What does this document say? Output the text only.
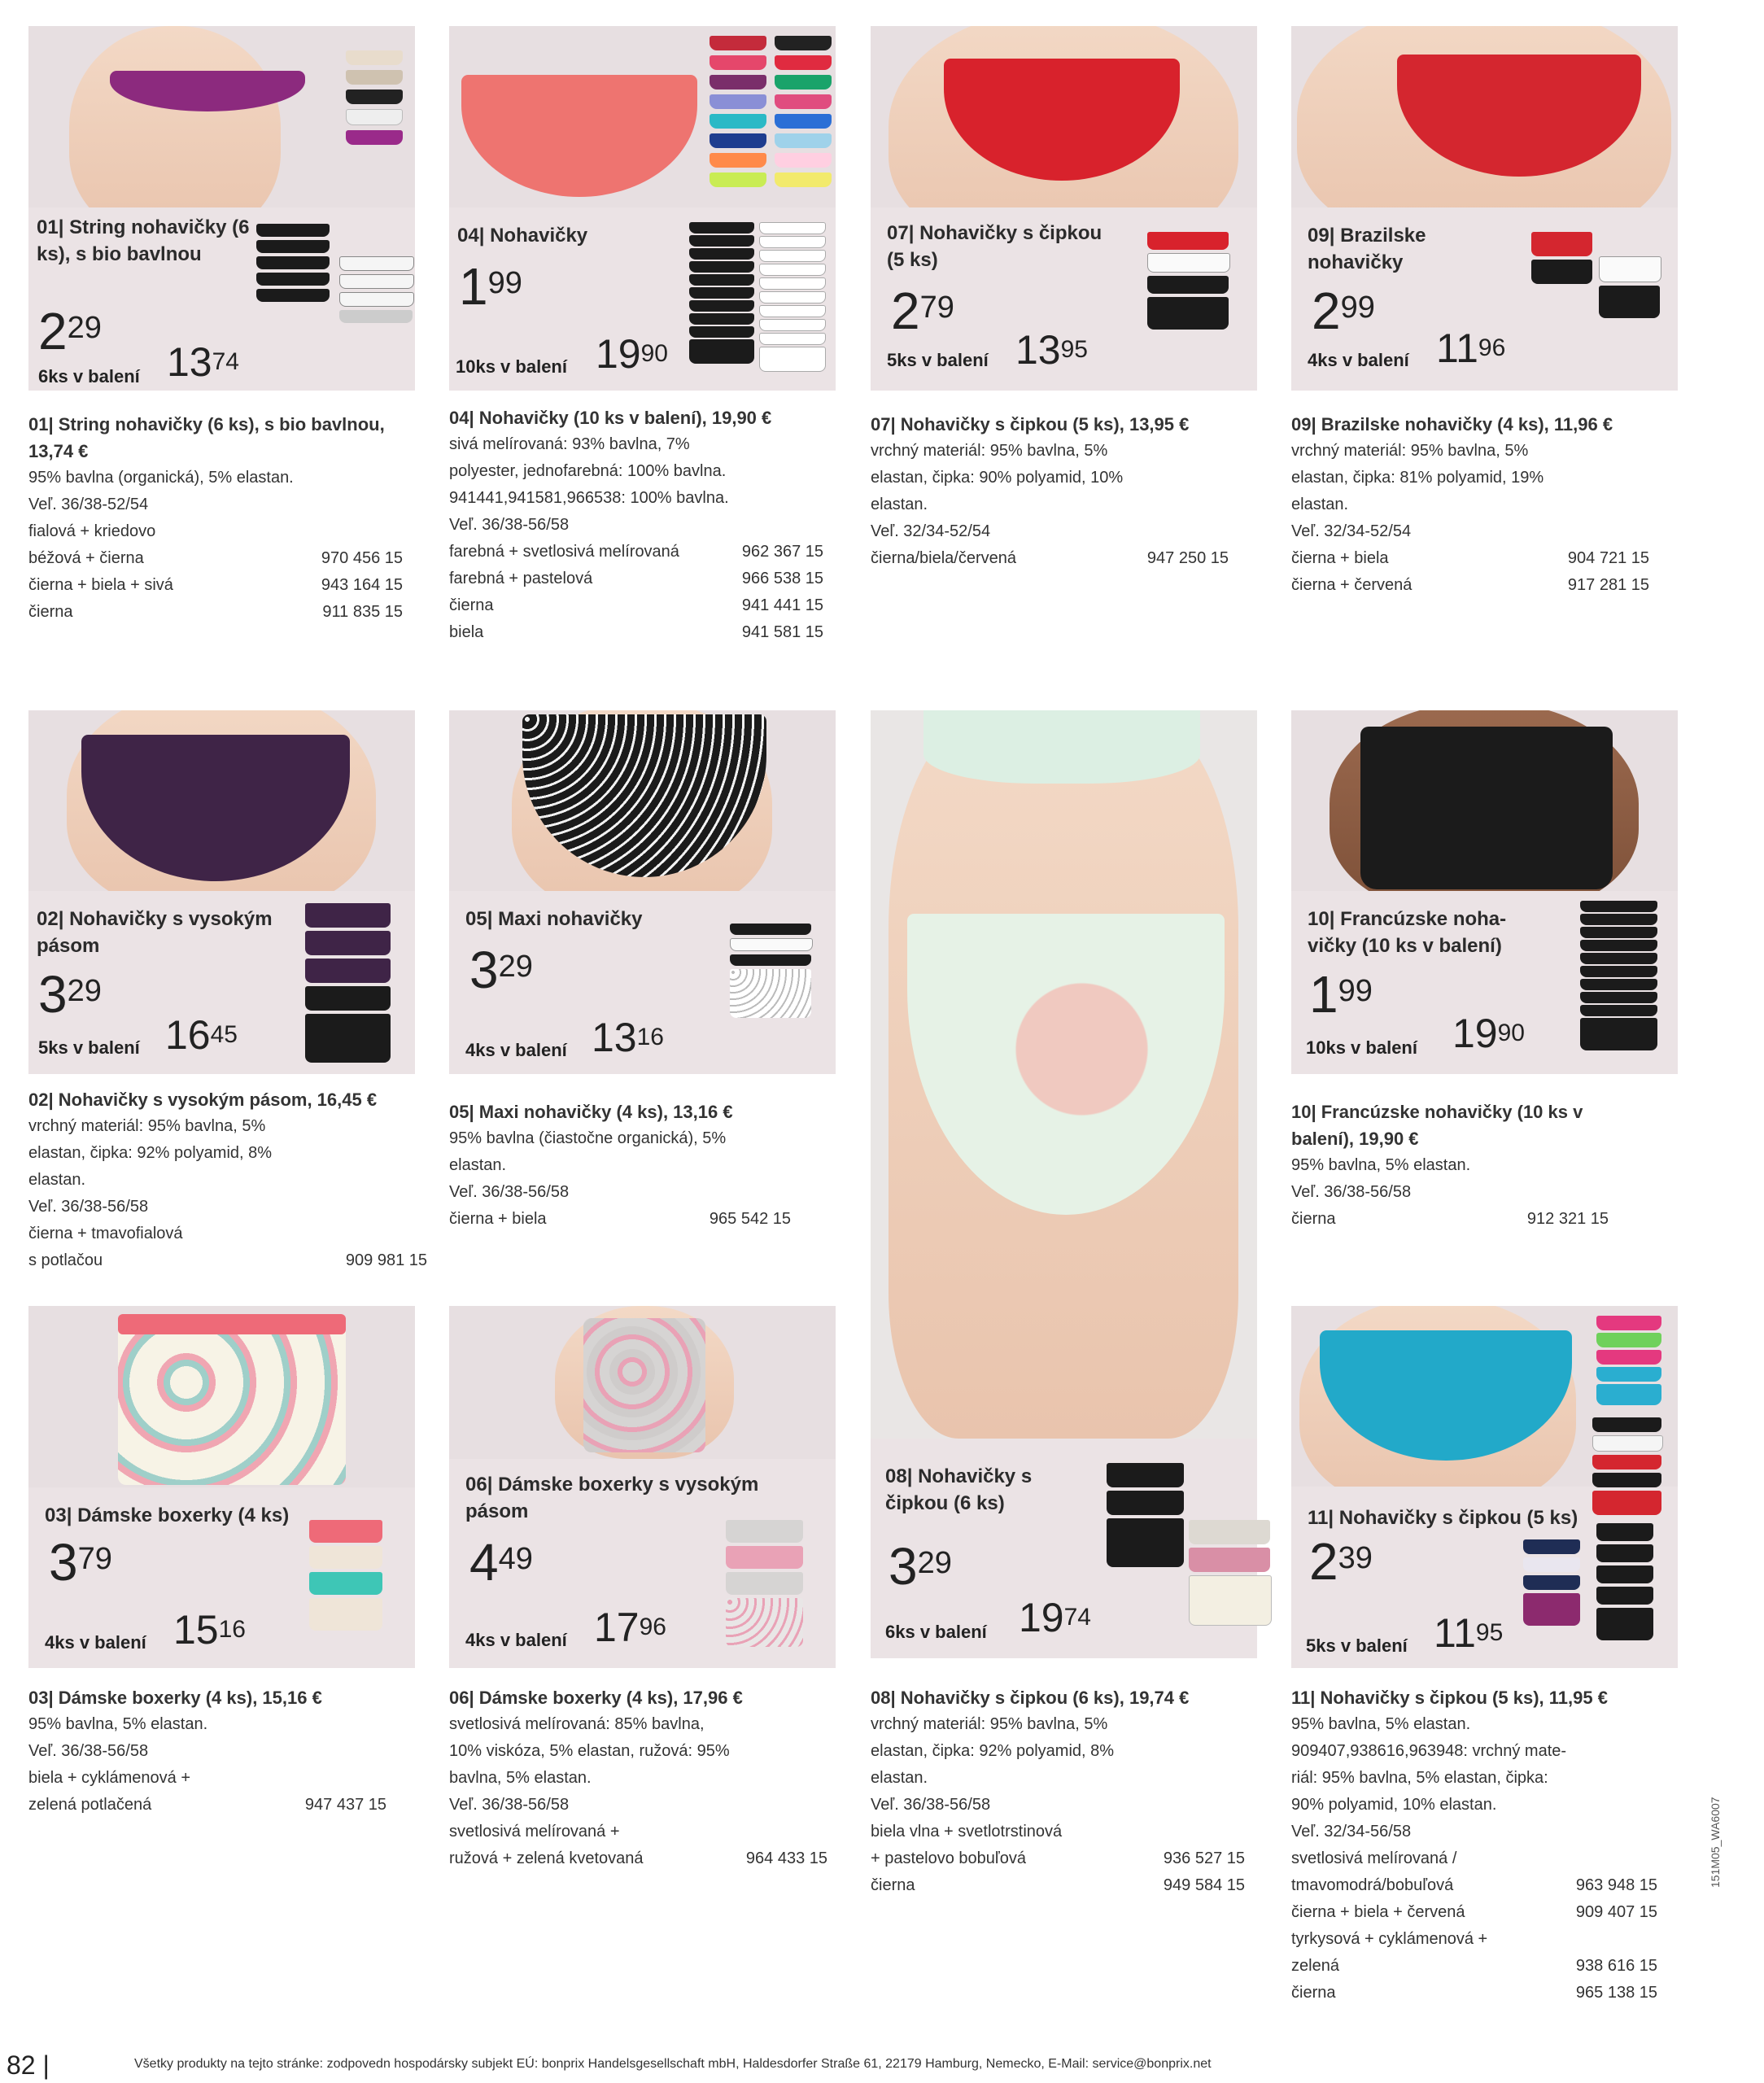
01| String nohavičky (6 ks), s bio bavlnou
$2^{29}$
6ks v balení $13^{74}$
01| String nohavičky (6 ks), s bio bavlnou, 13,74 €
95% bavlna (organická), 5% elastan.
Veľ. 36/38-52/54
fialová + kriedovo
béžová + čierna	970 456 15
čierna + biela + sivá	943 164 15
čierna	911 835 15
04| Nohavičky
$1^{99}$
10ks v balení $19^{90}$
04| Nohavičky (10 ks v balení), 19,90 €
sivá melírovaná: 93% bavlna, 7%
polyester, jednofarebná: 100% bavlna.
941441,941581,966538: 100% bavlna.
Veľ. 36/38-56/58
farebná + svetlosivá melírovaná	962 367 15
farebná + pastelová	966 538 15
čierna	941 441 15
biela	941 581 15
07| Nohavičky s čipkou (5 ks)
$2^{79}$
5ks v balení $13^{95}$
07| Nohavičky s čipkou (5 ks), 13,95 €
vrchný materiál: 95% bavlna, 5%
elastan, čipka: 90% polyamid, 10%
elastan.
Veľ. 32/34-52/54
čierna/biela/červená	947 250 15
09| Brazilske nohavičky
$2^{99}$
4ks v balení $11^{96}$
09| Brazilske nohavičky (4 ks), 11,96 €
vrchný materiál: 95% bavlna, 5%
elastan, čipka: 81% polyamid, 19%
elastan.
Veľ. 32/34-52/54
čierna + biela	904 721 15
čierna + červená	917 281 15
02| Nohavičky s vysokým pásom
$3^{29}$
5ks v balení $16^{45}$
02| Nohavičky s vysokým pásom, 16,45 €
vrchný materiál: 95% bavlna, 5%
elastan, čipka: 92% polyamid, 8%
elastan.
Veľ. 36/38-56/58
čierna + tmavofialová
s potlačou	909 981 15
05| Maxi nohavičky
$3^{29}$
4ks v balení $13^{16}$
05| Maxi nohavičky (4 ks), 13,16 €
95% bavlna (čiastočne organická), 5%
elastan.
Veľ. 36/38-56/58
čierna + biela	965 542 15
08| Nohavičky s čipkou (6 ks)
$3^{29}$
6ks v balení $19^{74}$
08| Nohavičky s čipkou (6 ks), 19,74 €
vrchný materiál: 95% bavlna, 5%
elastan, čipka: 92% polyamid, 8%
elastan.
Veľ. 36/38-56/58
biela vlna + svetlotrstinová
+ pastelovo bobuľová	936 527 15
čierna	949 584 15
10| Francúzske noha-vičky (10 ks v balení)
$1^{99}$
10ks v balení $19^{90}$
10| Francúzske nohavičky (10 ks v balení), 19,90 €
95% bavlna, 5% elastan.
Veľ. 36/38-56/58
čierna	912 321 15
03| Dámske boxerky (4 ks)
$3^{79}$
4ks v balení $15^{16}$
03| Dámske boxerky (4 ks), 15,16 €
95% bavlna, 5% elastan.
Veľ. 36/38-56/58
biela + cyklámenová +
zelená potlačená	947 437 15
06| Dámske boxerky s vysokým pásom
$4^{49}$
4ks v balení $17^{96}$
06| Dámske boxerky (4 ks), 17,96 €
svetlosivá melírovaná: 85% bavlna,
10% viskóza, 5% elastan, ružová: 95%
bavlna, 5% elastan.
Veľ. 36/38-56/58
svetlosivá melírovaná +
ružová + zelená kvetovaná	964 433 15
11| Nohavičky s čipkou (5 ks)
$2^{39}$
5ks v balení $11^{95}$
11| Nohavičky s čipkou (5 ks), 11,95 €
95% bavlna, 5% elastan.
909407,938616,963948: vrchný mate-
riál: 95% bavlna, 5% elastan, čipka:
90% polyamid, 10% elastan.
Veľ. 32/34-56/58
svetlosivá melírovaná /
tmavomodrá/bobuľová	963 948 15
čierna + biela + červená	909 407 15
tyrkysová + cyklámenová + zelená	938 616 15
čierna	965 138 15
82 |	Všetky produkty na tejto stránke: zodpovedn hospodársky subjekt EÚ: bonprix Handelsgesellschaft mbH, Haldesdorfer Straße 61, 22179 Hamburg, Nemecko, E-Mail: service@bonprix.net
151M05_WA6007
